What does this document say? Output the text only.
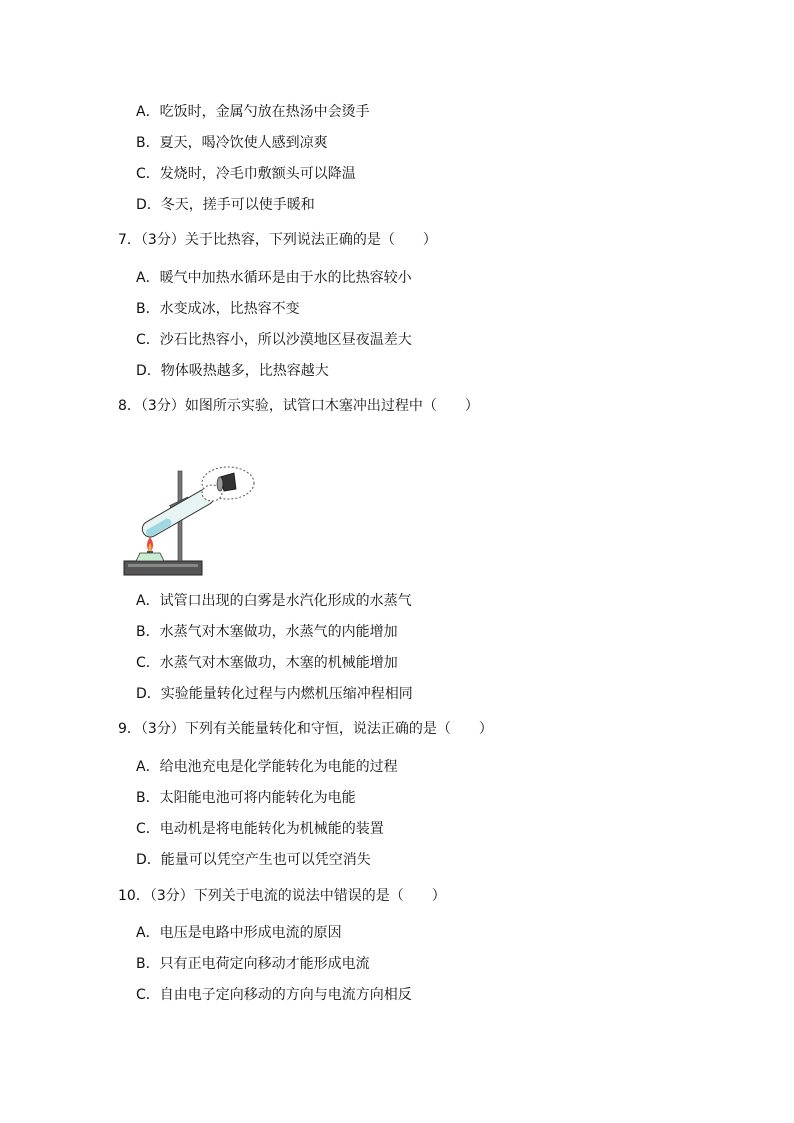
A．吃饭时，金属勺放在热汤中会烫手
B．夏天，喝冷饮使人感到凉爽
C．发烧时，冷毛巾敷额头可以降温
D．冬天，搓手可以使手暖和
7．（3分）关于比热容，下列说法正确的是（　　）
A．暖气中加热水循环是由于水的比热容较小
B．水变成冰，比热容不变
C．沙石比热容小，所以沙漠地区昼夜温差大
D．物体吸热越多，比热容越大
8．（3分）如图所示实验，试管口木塞冲出过程中（　　）
A．试管口出现的白雾是水汽化形成的水蒸气
B．水蒸气对木塞做功，水蒸气的内能增加
C．水蒸气对木塞做功，木塞的机械能增加
D．实验能量转化过程与内燃机压缩冲程相同
9．（3分）下列有关能量转化和守恒，说法正确的是（　　）
A．给电池充电是化学能转化为电能的过程
B．太阳能电池可将内能转化为电能
C．电动机是将电能转化为机械能的装置
D．能量可以凭空产生也可以凭空消失
10．（3分）下列关于电流的说法中错误的是（　　）
A．电压是电路中形成电流的原因
B．只有正电荷定向移动才能形成电流
C．自由电子定向移动的方向与电流方向相反
